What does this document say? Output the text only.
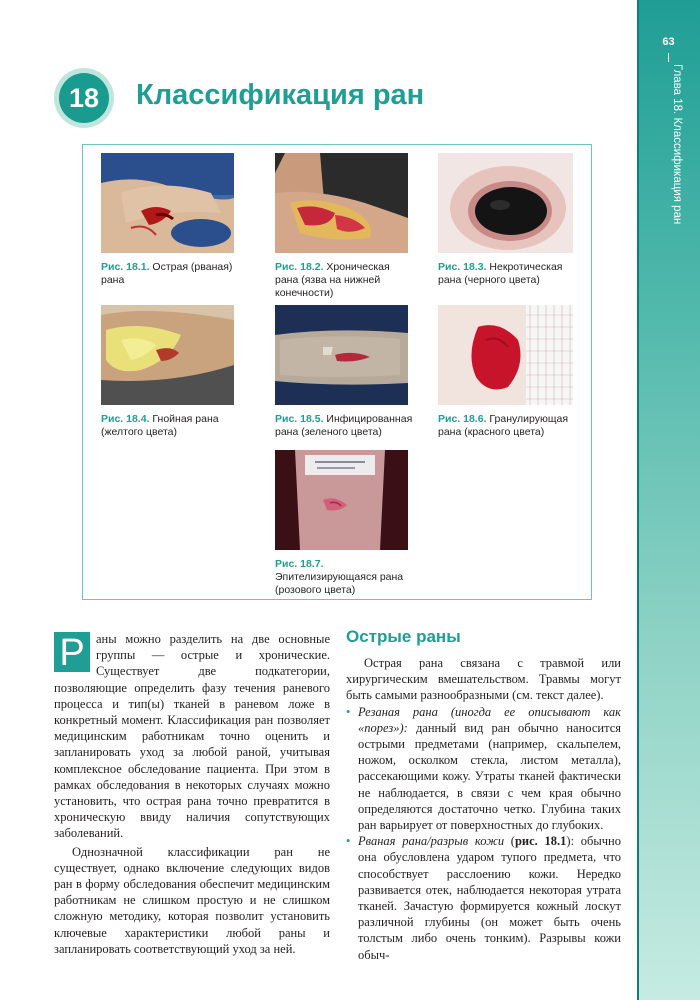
63
Глава 18. Классификация ран
18	Классификация ран
Рис. 18.1. Острая (рваная) рана
Рис. 18.2. Хроническая рана (язва на нижней конечности)
Рис. 18.3. Некротическая рана (черного цвета)
Рис. 18.4. Гнойная рана (желтого цвета)
Рис. 18.5. Инфицированная рана (зеленого цвета)
Рис. 18.6. Гранулирующая рана (красного цвета)
Рис. 18.7. Эпителизирующаяся рана (розового цвета)
Р аны можно разделить на две основные группы — острые и хронические. Существует две подкатегории, позволяющие определить фазу течения раневого процесса и тип(ы) тканей в раневом ложе в конкретный момент. Классификация ран позволяет медицинским работникам точно оценить и запланировать уход за любой раной, учитывая комплексное обследование пациента. При этом в рамках обследования в некоторых случаях можно установить, что острая рана точно превратится в хроническую ввиду наличия сопутствующих заболеваний.
Однозначной классификации ран не существует, однако включение следующих видов ран в форму обследования обеспечит медицинским работникам не слишком простую и не слишком сложную методику, которая позволит установить ключевые характеристики любой раны и запланировать соответствующий уход за ней.
Острые раны
Острая рана связана с травмой или хирургическим вмешательством. Травмы могут быть самыми разнообразными (см. текст далее).
• Резаная рана (иногда ее описывают как «порез»): данный вид ран обычно наносится острыми предметами (например, скальпелем, ножом, осколком стекла, листом металла), рассекающими кожу. Утраты тканей фактически не наблюдается, в связи с чем края обычно определяются достаточно четко. Глубина таких ран варьирует от поверхностных до глубоких.
• Рваная рана/разрыв кожи (рис. 18.1): обычно она обусловлена ударом тупого предмета, что способствует расслоению кожи. Нередко развивается отек, наблюдается некоторая утрата тканей. Зачастую формируется кожный лоскут различной глубины (он может быть очень толстым либо очень тонким). Разрывы кожи обыч-
